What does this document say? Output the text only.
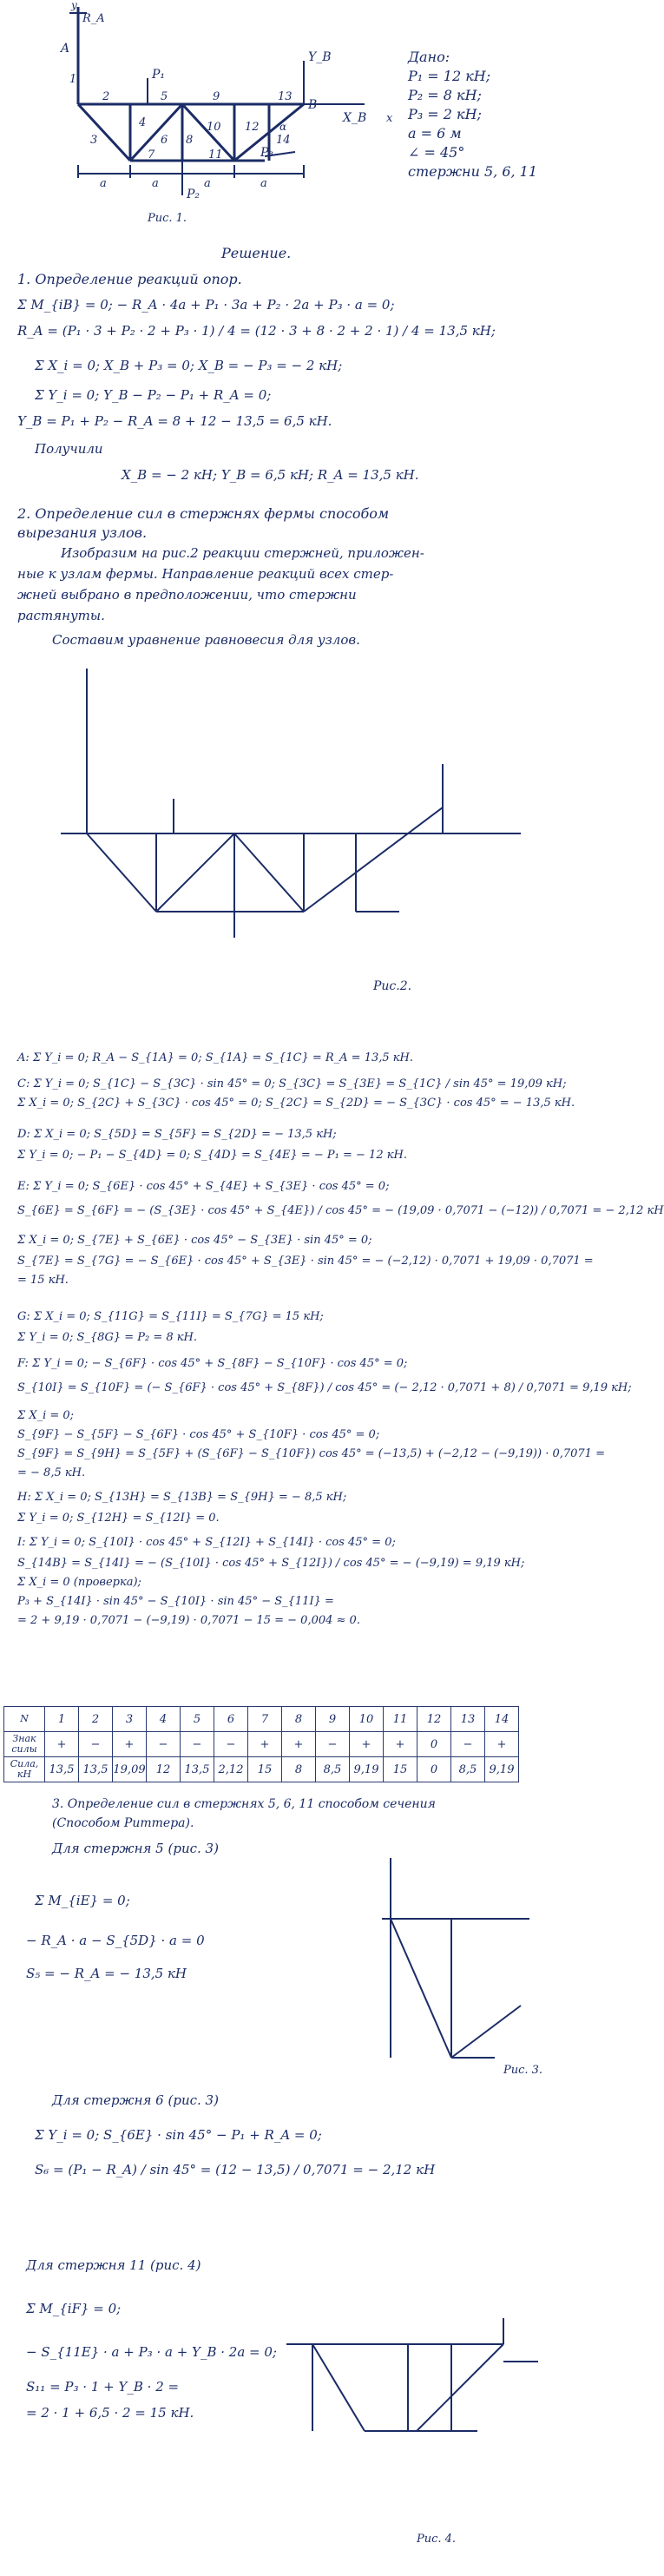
R_A
A
Y_B
X_B x
y
B
P₁
P₂
P₃
α
a	a	a	a
1
2
3
4
5
6
7
8
9
10
11
12
13
14
Рис. 1.
Дано:
P₁ = 12 кН;
P₂ = 8 кН;
P₃ = 2 кН;
a = 6 м
∠ = 45°
стержни 5, 6, 11
Решение.
1. Определение реакций опор.
Σ M_{iB} = 0; − R_A · 4a + P₁ · 3a + P₂ · 2a + P₃ · a = 0;
R_A = (P₁ · 3 + P₂ · 2 + P₃ · 1) / 4 = (12 · 3 + 8 · 2 + 2 · 1) / 4 = 13,5 кН;
Σ X_i = 0; X_B + P₃ = 0; X_B = − P₃ = − 2 кН;
Σ Y_i = 0; Y_B − P₂ − P₁ + R_A = 0;
Y_B = P₁ + P₂ − R_A = 8 + 12 − 13,5 = 6,5 кН.
Получили
X_B = − 2 кН; Y_B = 6,5 кН; R_A = 13,5 кН.
2. Определение сил в стержнях фермы способом
вырезания узлов.
Изобразим на рис.2 реакции стержней, приложен-
ные к узлам фермы. Направление реакций всех стер-
жней выбрано в предположении, что стержни
растянуты.
Составим уравнение равновесия для узлов.
Рис.2.
A: Σ Y_i = 0; R_A − S_{1A} = 0; S_{1A} = S_{1C} = R_A = 13,5 кН.
C: Σ Y_i = 0; S_{1C} − S_{3C} · sin 45° = 0; S_{3C} = S_{3E} = S_{1C} / sin 45° = 19,09 кН;
Σ X_i = 0; S_{2C} + S_{3C} · cos 45° = 0; S_{2C} = S_{2D} = − S_{3C} · cos 45° = − 13,5 кН.
D: Σ X_i = 0; S_{5D} = S_{5F} = S_{2D} = − 13,5 кН;
Σ Y_i = 0; − P₁ − S_{4D} = 0; S_{4D} = S_{4E} = − P₁ = − 12 кН.
E: Σ Y_i = 0; S_{6E} · cos 45° + S_{4E} + S_{3E} · cos 45° = 0;
S_{6E} = S_{6F} = − (S_{3E} · cos 45° + S_{4E}) / cos 45° = − (19,09 · 0,7071 − (−12)) / 0,7071 = − 2,12 кН
Σ X_i = 0; S_{7E} + S_{6E} · cos 45° − S_{3E} · sin 45° = 0;
S_{7E} = S_{7G} = − S_{6E} · cos 45° + S_{3E} · sin 45° = − (−2,12) · 0,7071 + 19,09 · 0,7071 =
= 15 кН.
G: Σ X_i = 0; S_{11G} = S_{11I} = S_{7G} = 15 кН;
Σ Y_i = 0; S_{8G} = P₂ = 8 кН.
F: Σ Y_i = 0; − S_{6F} · cos 45° + S_{8F} − S_{10F} · cos 45° = 0;
S_{10I} = S_{10F} = (− S_{6F} · cos 45° + S_{8F}) / cos 45° = (− 2,12 · 0,7071 + 8) / 0,7071 = 9,19 кН;
Σ X_i = 0;
S_{9F} − S_{5F} − S_{6F} · cos 45° + S_{10F} · cos 45° = 0;
S_{9F} = S_{9H} = S_{5F} + (S_{6F} − S_{10F}) cos 45° = (−13,5) + (−2,12 − (−9,19)) · 0,7071 =
= − 8,5 кН.
H: Σ X_i = 0; S_{13H} = S_{13B} = S_{9H} = − 8,5 кН;
Σ Y_i = 0; S_{12H} = S_{12I} = 0.
I: Σ Y_i = 0; S_{10I} · cos 45° + S_{12I} + S_{14I} · cos 45° = 0;
S_{14B} = S_{14I} = − (S_{10I} · cos 45° + S_{12I}) / cos 45° = − (−9,19) = 9,19 кН;
Σ X_i = 0 (проверка);
P₃ + S_{14I} · sin 45° − S_{10I} · sin 45° − S_{11I} =
= 2 + 9,19 · 0,7071 − (−9,19) · 0,7071 − 15 = − 0,004 ≈ 0.
N	1	2	3	4	5	6	7	8	9	10	11	12	13	14
Знак силы	+	−	+	−	−	−	+	+	−	+	+	0	−	+
Сила, кН	13,5	13,5	19,09	12	13,5	2,12	15	8	8,5	9,19	15	0	8,5	9,19
3. Определение сил в стержнях 5, 6, 11 способом сечения
(Способом Риттера).
Для стержня 5 (рис. 3)
Σ M_{iE} = 0;
− R_A · a − S_{5D} · a = 0
S₅ = − R_A = − 13,5 кН
Рис. 3.
Для стержня 6 (рис. 3)
Σ Y_i = 0; S_{6E} · sin 45° − P₁ + R_A = 0;
S₆ = (P₁ − R_A) / sin 45° = (12 − 13,5) / 0,7071 = − 2,12 кН
Для стержня 11 (рис. 4)
Σ M_{iF} = 0;
− S_{11E} · a + P₃ · a + Y_B · 2a = 0;
S₁₁ = P₃ · 1 + Y_B · 2 =
= 2 · 1 + 6,5 · 2 = 15 кН.
Рис. 4.
